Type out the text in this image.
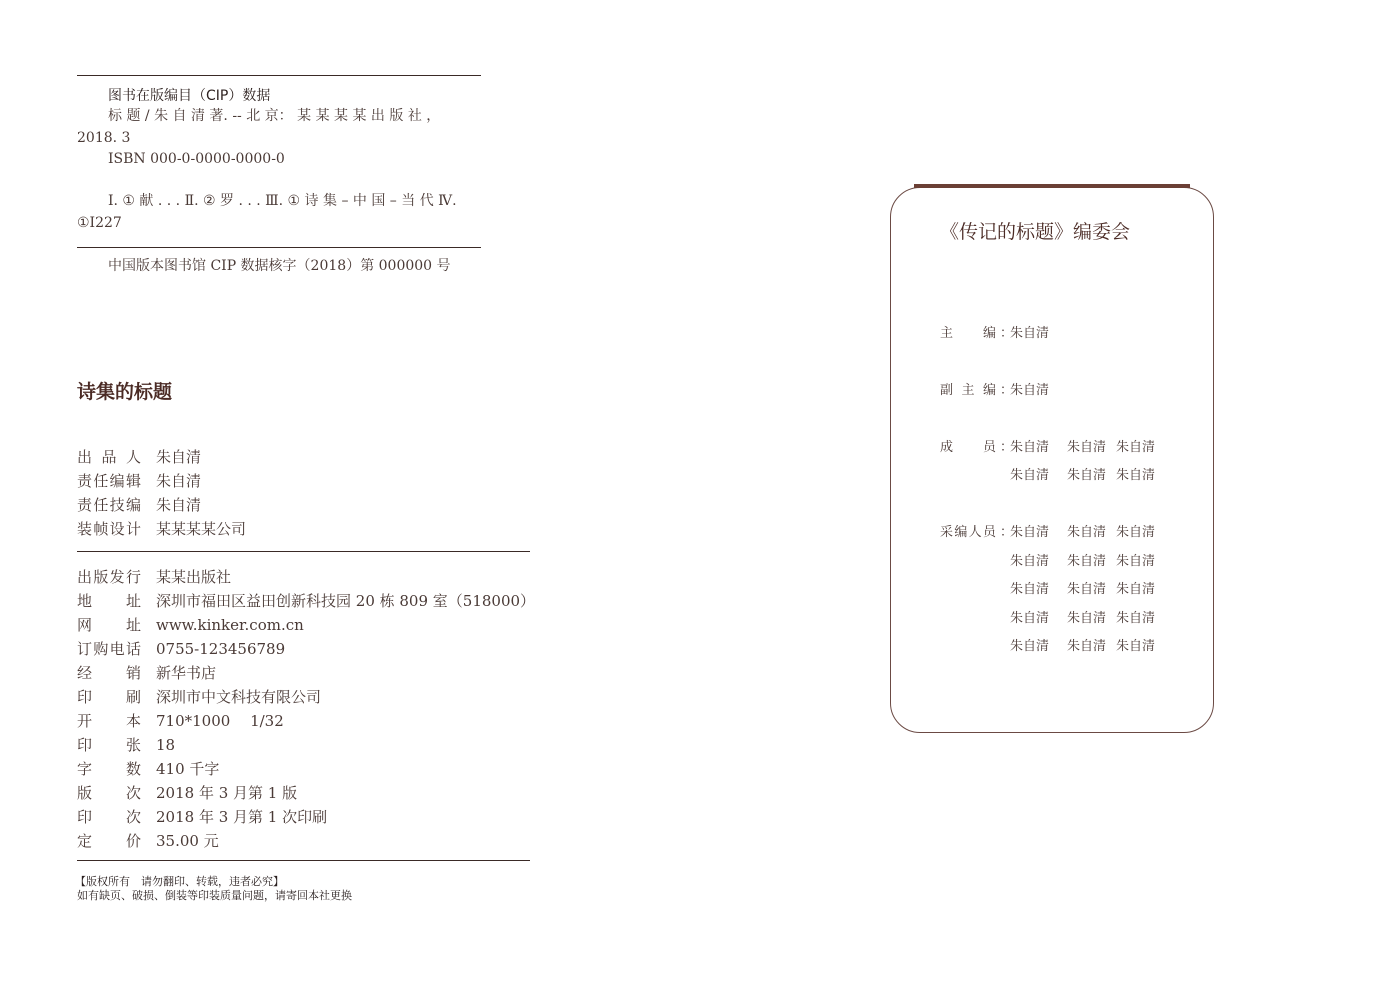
图书在版编目（CIP）数据
标 题 / 朱 自 清 著. -- 北 京： 某 某 某 某 出 版 社 ，
2018. 3
ISBN 000-0-0000-0000-0
Ⅰ. ① 献 . . . Ⅱ. ② 罗 . . . Ⅲ. ① 诗 集 – 中 国 – 当 代 Ⅳ.
①I227
中国版本图书馆 CIP 数据核字（2018）第 000000 号
诗集的标题
出品人 朱自清
责任编辑 朱自清
责任技编 朱自清
装帧设计 某某某某公司
出版发行 某某出版社
地址 深圳市福田区益田创新科技园 20 栋 809 室（518000）
网址 www.kinker.com.cn
订购电话 0755-123456789
经销 新华书店
印刷 深圳市中文科技有限公司
开本 710*1000　 1/32
印张 18
字数 410 千字
版次 2018 年 3 月第 1 版
印次 2018 年 3 月第 1 次印刷
定价 35.00 元
【版权所有　请勿翻印、转载，违者必究】
如有缺页、破损、倒装等印装质量问题，请寄回本社更换
《传记的标题》编委会
主编 ：
朱自清
副主编 ：
朱自清
成员 ：
朱自清 朱自清 朱自清
朱自清 朱自清 朱自清
采编人员 ：
朱自清 朱自清 朱自清
朱自清 朱自清 朱自清
朱自清 朱自清 朱自清
朱自清 朱自清 朱自清
朱自清 朱自清 朱自清
